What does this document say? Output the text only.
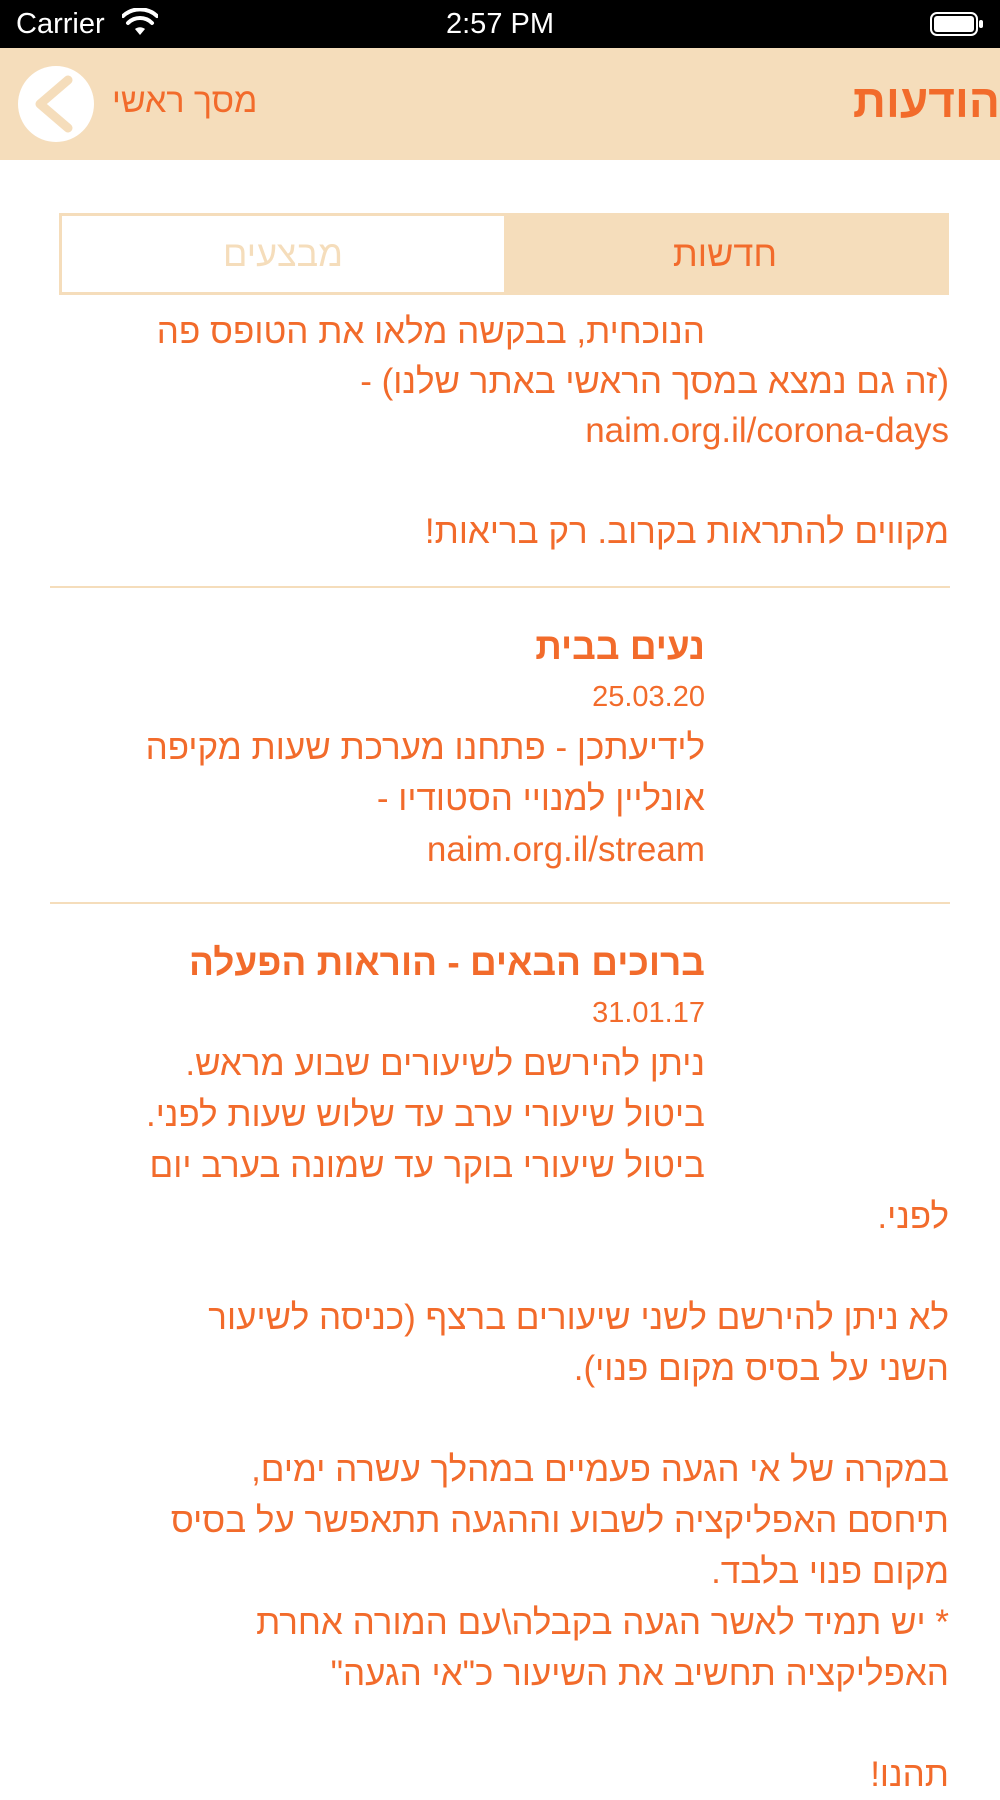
Carrier	2:57 PM
מסך ראשי	הודעות
מבצעים	חדשות
הנוכחית, בבקשה מלאו את הטופס פה
(זה גם נמצא במסך הראשי באתר שלנו) -
naim.org.il/corona-days
מקווים להתראות בקרוב. רק בריאות!
נעים בבית
25.03.20
לידיעתכן - פתחנו מערכת שעות מקיפה
אונליין למנויי הסטודיו -
naim.org.il/stream
ברוכים הבאים - הוראות הפעלה
31.01.17
ניתן להירשם לשיעורים שבוע מראש.
ביטול שיעורי ערב עד שלוש שעות לפני.
ביטול שיעורי בוקר עד שמונה בערב יום
לפני.
לא ניתן להירשם לשני שיעורים ברצף (כניסה לשיעור
השני על בסיס מקום פנוי).
במקרה של אי הגעה פעמיים במהלך עשרה ימים,
תיחסם האפליקציה לשבוע וההגעה תתאפשר על בסיס
מקום פנוי בלבד.
* יש תמיד לאשר הגעה בקבלה\עם המורה אחרת
האפליקציה תחשיב את השיעור כ"אי הגעה"
תהנו!
